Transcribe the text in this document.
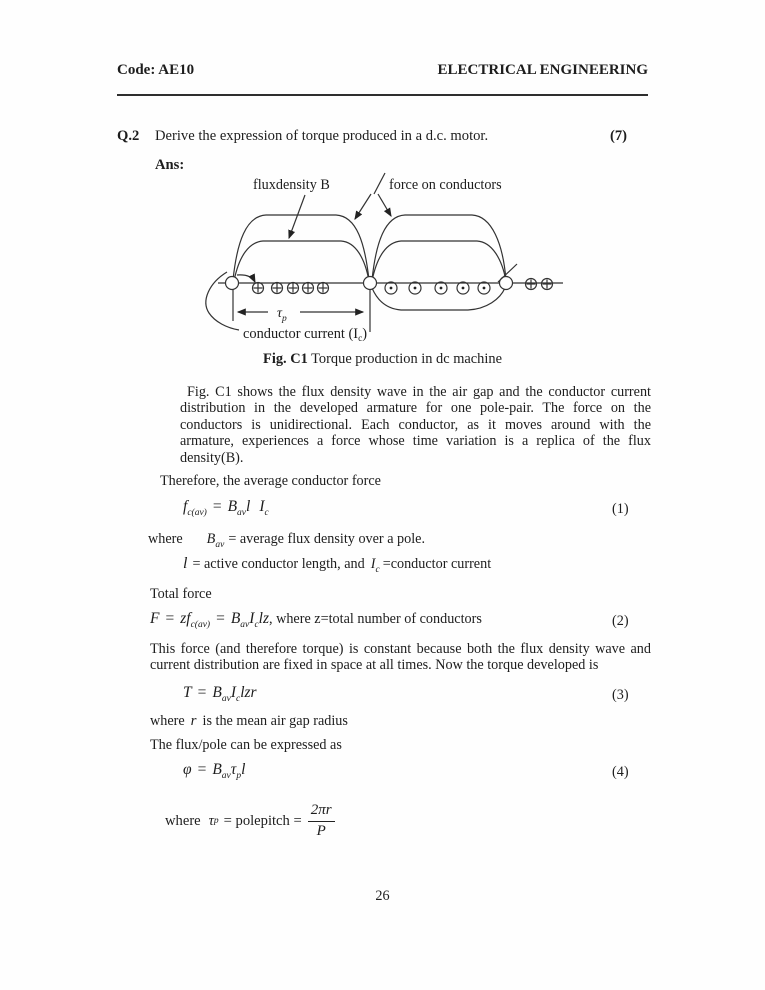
Code: AE10	ELECTRICAL ENGINEERING
Q.2 Derive the expression of torque produced in a d.c. motor.	(7)
Ans:
fluxdensity B	force on conductors
$\tau_p$
conductor current $(I_c)$
Fig. C1 Torque production in dc machine
Fig. C1 shows the flux density wave in the air gap and the conductor current distribution in the developed armature for one pole-pair. The force on the conductors is unidirectional. Each conductor, as it moves around with the armature, experiences a force whose time variation is a replica of the flux density(B).
Therefore, the average conductor force
$f_{c(av)} = B_{av}l$ $I_c$	(1)
where $B_{av}$ = average flux density over a pole.
l = active conductor length, and $I_c$ =conductor current
Total force
$F = zf_{c(av)} = B_{av}I_clz$, where z=total number of conductors	(2)
This force (and therefore torque) is constant because both the flux density wave and current distribution are fixed in space at all times. Now the torque developed is
$T = B_{av}I_clzr$	(3)
where r is the mean air gap radius
The flux/pole can be expressed as
$\varphi = B_{av}\tau_pl$	(4)
where τ p = polepitch = $\frac{2\pi r}{P}$
26
